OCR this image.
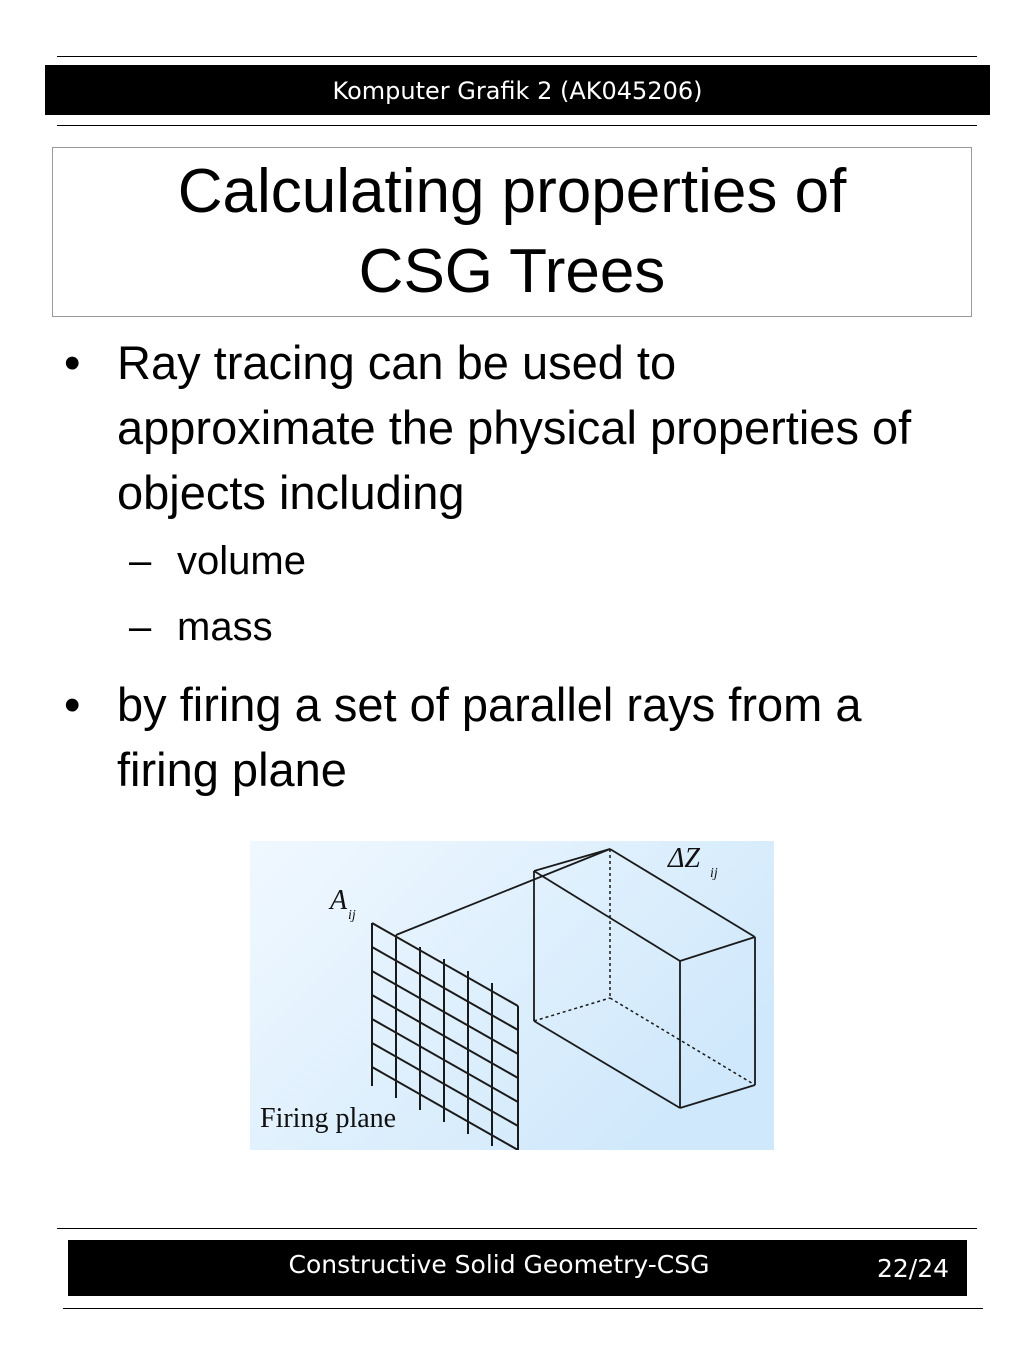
Komputer Grafik 2 (AK045206)
Calculating properties of CSG Trees
• Ray tracing can be used to approximate the physical properties of objects including
– volume
– mass
• by firing a set of parallel rays from a firing plane
A ij
ΔZ ij
Firing plane
Constructive Solid Geometry-CSG	22/24
